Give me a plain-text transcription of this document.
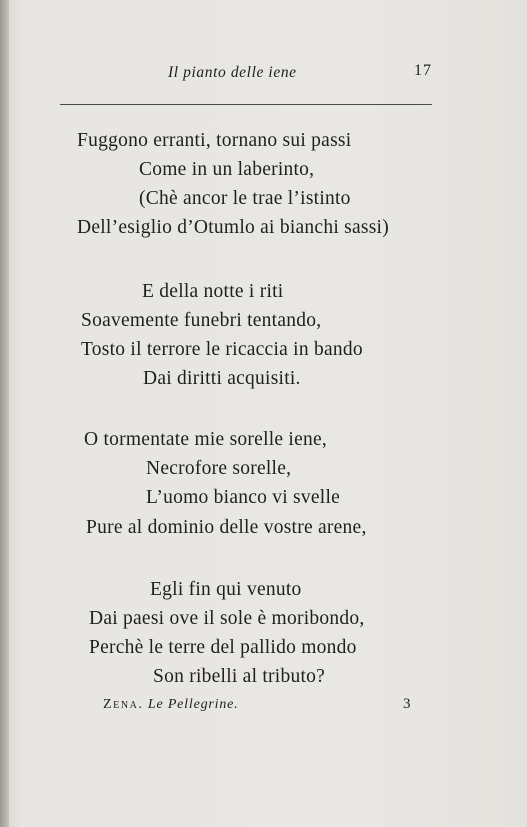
Il pianto delle iene	17
Fuggono erranti, tornano sui passi
Come in un laberinto,
(Chè ancor le trae l’istinto
Dell’esiglio d’Otumlo ai bianchi sassi)
E della notte i riti
Soavemente funebri tentando,
Tosto il terrore le ricaccia in bando
Dai diritti acquisiti.
O tormentate mie sorelle iene,
Necrofore sorelle,
L’uomo bianco vi svelle
Pure al dominio delle vostre arene,
Egli fin qui venuto
Dai paesi ove il sole è moribondo,
Perchè le terre del pallido mondo
Son ribelli al tributo?
Zena. Le Pellegrine.	3
